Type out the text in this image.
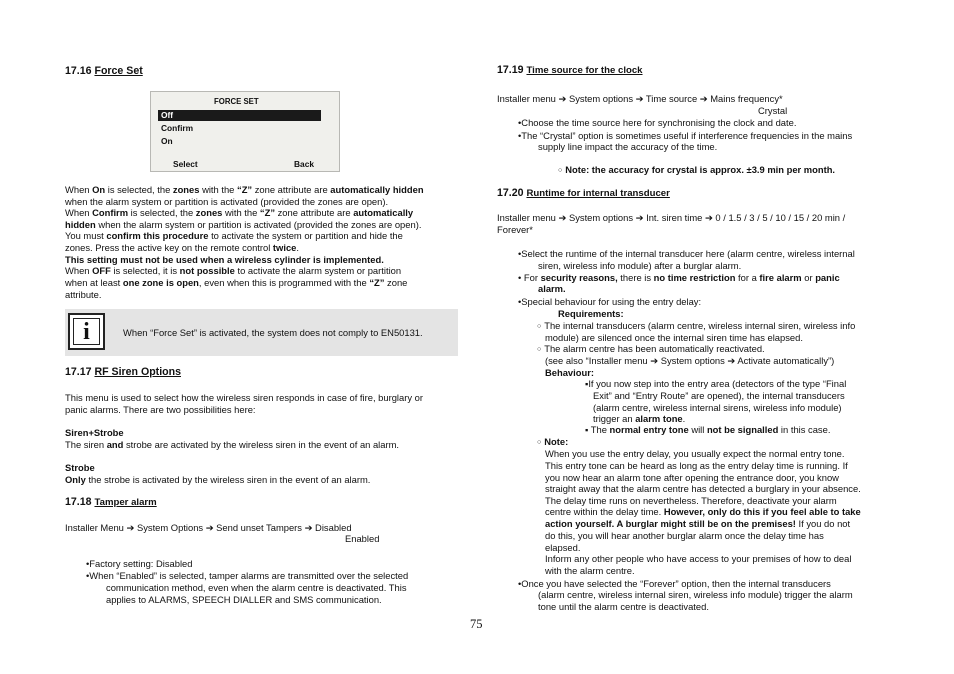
17.16 Force Set
FORCE SET
Off
Confirm
On
Select	Back
When On is selected, the zones with the “Z” zone attribute are automatically hidden
when the alarm system or partition is activated (provided the zones are open).
When Confirm is selected, the zones with the “Z” zone attribute are automatically
hidden when the alarm system or partition is activated (provided the zones are open).
You must confirm this procedure to activate the system or partition and hide the
zones. Press the active key on the remote control twice.
This setting must not be used when a wireless cylinder is implemented.
When OFF is selected, it is not possible to activate the alarm system or partition
when at least one zone is open, even when this is programmed with the “Z” zone
attribute.
i	When “Force Set” is activated, the system does not comply to EN50131.
17.17 RF Siren Options
This menu is used to select how the wireless siren responds in case of fire, burglary or
panic alarms. There are two possibilities here:
Siren+Strobe
The siren and strobe are activated by the wireless siren in the event of an alarm.
Strobe
Only the strobe is activated by the wireless siren in the event of an alarm.
17.18 Tamper alarm
Installer Menu ➔ System Options ➔ Send unset Tampers ➔ Disabled
Enabled
• Factory setting: Disabled
• When “Enabled” is selected, tamper alarms are transmitted over the selected
communication method, even when the alarm centre is deactivated. This
applies to ALARMS, SPEECH DIALLER and SMS communication.
17.19 Time source for the clock
Installer menu ➔ System options ➔ Time source ➔ Mains frequency*
Crystal
• Choose the time source here for synchronising the clock and date.
• The “Crystal” option is sometimes useful if interference frequencies in the mains
supply line impact the accuracy of the time.
○ Note: the accuracy for crystal is approx. ±3.9 min per month.
17.20 Runtime for internal transducer
Installer menu ➔ System options ➔ Int. siren time ➔ 0 / 1.5 / 3 / 5 / 10 / 15 / 20 min /
Forever*
• Select the runtime of the internal transducer here (alarm centre, wireless internal
siren, wireless info module) after a burglar alarm.
• For security reasons, there is no time restriction for a fire alarm or panic
alarm.
• Special behaviour for using the entry delay:
Requirements:
○ The internal transducers (alarm centre, wireless internal siren, wireless info
module) are silenced once the internal siren time has elapsed.
○ The alarm centre has been automatically reactivated.
(see also “Installer menu ➔ System options ➔ Activate automatically”)
Behaviour:
▪ If you now step into the entry area (detectors of the type “Final
Exit” and “Entry Route” are opened), the internal transducers
(alarm centre, wireless internal sirens, wireless info module)
trigger an alarm tone.
▪ The normal entry tone will not be signalled in this case.
○ Note:
When you use the entry delay, you usually expect the normal entry tone.
This entry tone can be heard as long as the entry delay time is running. If
you now hear an alarm tone after opening the entrance door, you know
straight away that the alarm centre has detected a burglary in your absence.
The delay time runs on nevertheless. Therefore, deactivate your alarm
centre within the delay time. However, only do this if you feel able to take
action yourself. A burglar might still be on the premises! If you do not
do this, you will hear another burglar alarm once the delay time has
elapsed.
Inform any other people who have access to your premises of how to deal
with the alarm centre.
• Once you have selected the “Forever” option, then the internal transducers
(alarm centre, wireless internal siren, wireless info module) trigger the alarm
tone until the alarm centre is deactivated.
75
